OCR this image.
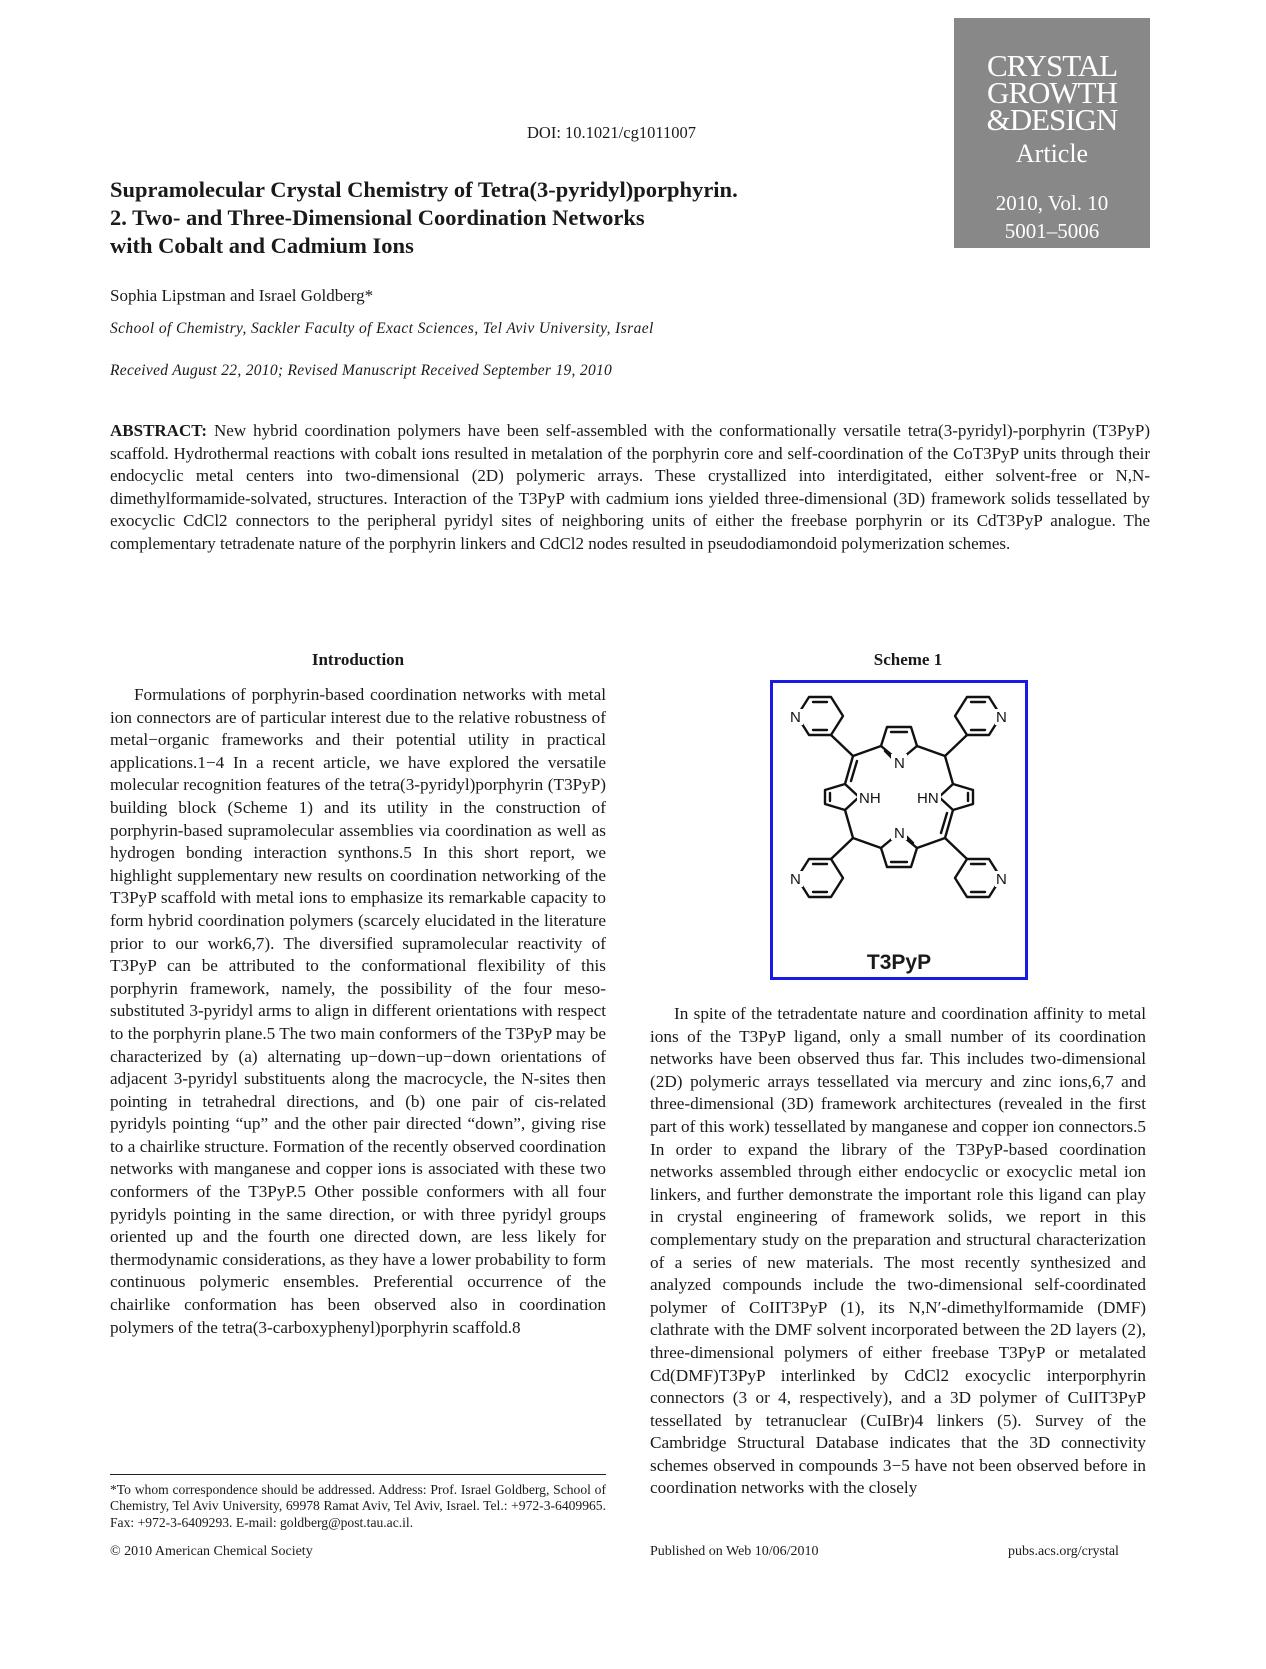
CRYSTAL
GROWTH
&DESIGN
Article
2010, Vol. 10
5001–5006
DOI: 10.1021/cg1011007
Supramolecular Crystal Chemistry of Tetra(3-pyridyl)porphyrin.
2. Two- and Three-Dimensional Coordination Networks
with Cobalt and Cadmium Ions
Sophia Lipstman and Israel Goldberg*
School of Chemistry, Sackler Faculty of Exact Sciences, Tel Aviv University, Israel
Received August 22, 2010; Revised Manuscript Received September 19, 2010
ABSTRACT: New hybrid coordination polymers have been self-assembled with the conformationally versatile tetra(3-pyridyl)-porphyrin (T3PyP) scaffold. Hydrothermal reactions with cobalt ions resulted in metalation of the porphyrin core and self-coordination of the CoT3PyP units through their endocyclic metal centers into two-dimensional (2D) polymeric arrays. These crystallized into interdigitated, either solvent-free or N,N-dimethylformamide-solvated, structures. Interaction of the T3PyP with cadmium ions yielded three-dimensional (3D) framework solids tessellated by exocyclic CdCl2 connectors to the peripheral pyridyl sites of neighboring units of either the freebase porphyrin or its CdT3PyP analogue. The complementary tetradenate nature of the porphyrin linkers and CdCl2 nodes resulted in pseudodiamondoid polymerization schemes.
Introduction

Formulations of porphyrin-based coordination networks with metal ion connectors are of particular interest due to the relative robustness of metal−organic frameworks and their potential utility in practical applications.1−4 In a recent article, we have explored the versatile molecular recognition features of the tetra(3-pyridyl)porphyrin (T3PyP) building block (Scheme 1) and its utility in the construction of porphyrin-based supramolecular assemblies via coordination as well as hydrogen bonding interaction synthons.5 In this short report, we highlight supplementary new results on coordination networking of the T3PyP scaffold with metal ions to emphasize its remarkable capacity to form hybrid coordination polymers (scarcely elucidated in the literature prior to our work6,7). The diversified supramolecular reactivity of T3PyP can be attributed to the conformational flexibility of this porphyrin framework, namely, the possibility of the four meso-substituted 3-pyridyl arms to align in different orientations with respect to the porphyrin plane.5 The two main conformers of the T3PyP may be characterized by (a) alternating up−down−up−down orientations of adjacent 3-pyridyl substituents along the macrocycle, the N-sites then pointing in tetrahedral directions, and (b) one pair of cis-related pyridyls pointing “up” and the other pair directed “down”, giving rise to a chairlike structure. Formation of the recently observed coordination networks with manganese and copper ions is associated with these two conformers of the T3PyP.5 Other possible conformers with all four pyridyls pointing in the same direction, or with three pyridyl groups oriented up and the fourth one directed down, are less likely for thermodynamic considerations, as they have a lower probability to form continuous polymeric ensembles. Preferential occurrence of the chairlike conformation has been observed also in coordination polymers of the tetra(3-carboxyphenyl)porphyrin scaffold.8

Scheme 1
N
N
NH HN
N	N
N	N
T3PyP

In spite of the tetradentate nature and coordination affinity to metal ions of the T3PyP ligand, only a small number of its coordination networks have been observed thus far. This includes two-dimensional (2D) polymeric arrays tessellated via mercury and zinc ions,6,7 and three-dimensional (3D) framework architectures (revealed in the first part of this work) tessellated by manganese and copper ion connectors.5 In order to expand the library of the T3PyP-based coordination networks assembled through either endocyclic or exocyclic metal ion linkers, and further demonstrate the important role this ligand can play in crystal engineering of framework solids, we report in this complementary study on the preparation and structural characterization of a series of new materials. The most recently synthesized and analyzed compounds include the two-dimensional self-coordinated polymer of CoIIT3PyP (1), its N,N′-dimethylformamide (DMF) clathrate with the DMF solvent incorporated between the 2D layers (2), three-dimensional polymers of either freebase T3PyP or metalated Cd(DMF)T3PyP interlinked by CdCl2 exocyclic interporphyrin connectors (3 or 4, respectively), and a 3D polymer of CuIIT3PyP tessellated by tetranuclear (CuIBr)4 linkers (5). Survey of the Cambridge Structural Database indicates that the 3D connectivity schemes observed in compounds 3−5 have not been observed before in coordination networks with the closely

*To whom correspondence should be addressed. Address: Prof. Israel Goldberg, School of Chemistry, Tel Aviv University, 69978 Ramat Aviv, Tel Aviv, Israel. Tel.: +972-3-6409965. Fax: +972-3-6409293. E-mail: goldberg@post.tau.ac.il.
© 2010 American Chemical Society	Published on Web 10/06/2010	pubs.acs.org/crystal
